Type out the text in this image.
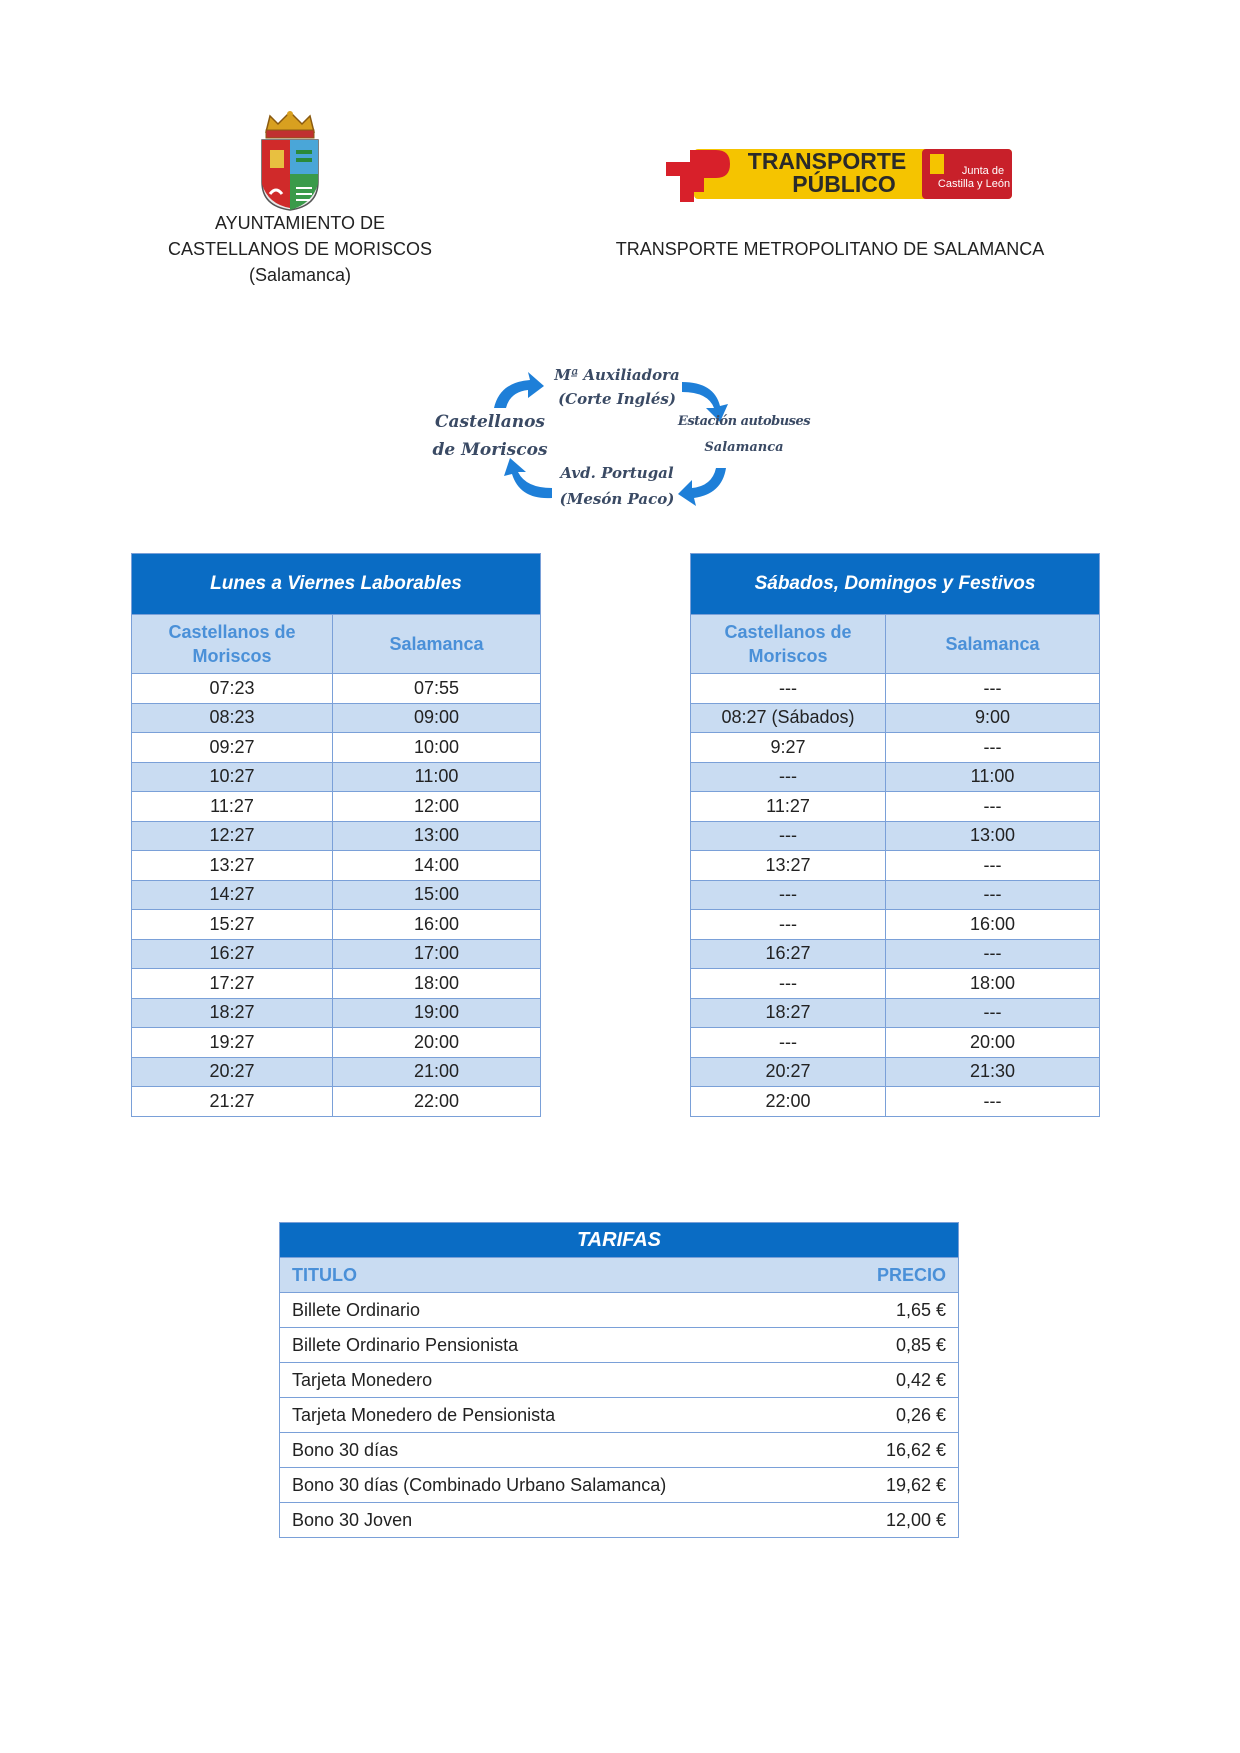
AYUNTAMIENTO DE
CASTELLANOS DE MORISCOS
(Salamanca)
TRANSPORTE
PÚBLICO	Junta de
Castilla y León
TRANSPORTE METROPOLITANO DE SALAMANCA
Castellanos
de Moriscos
Mª Auxiliadora
(Corte Inglés)
Estación autobuses
Salamanca
Avd. Portugal
(Mesón Paco)
Lunes a Viernes Laborables	
Castellanos de Moriscos	Salamanca
07:23	07:55
08:23	09:00
09:27	10:00
10:27	11:00
11:27	12:00
12:27	13:00
13:27	14:00
14:27	15:00
15:27	16:00
16:27	17:00
17:27	18:00
18:27	19:00
19:27	20:00
20:27	21:00
21:27	22:00
Sábados, Domingos y Festivos	
Castellanos de Moriscos	Salamanca
---	---
08:27 (Sábados)	9:00
9:27	---
---	11:00
11:27	---
---	13:00
13:27	---
---	---
---	16:00
16:27	---
---	18:00
18:27	---
---	20:00
20:27	21:30
22:00	---
TARIFAS	
TITULO	PRECIO
Billete Ordinario	1,65 €
Billete Ordinario Pensionista	0,85 €
Tarjeta Monedero	0,42 €
Tarjeta Monedero de Pensionista	0,26 €
Bono 30 días	16,62 €
Bono 30 días (Combinado Urbano Salamanca)	19,62 €
Bono 30 Joven	12,00 €
